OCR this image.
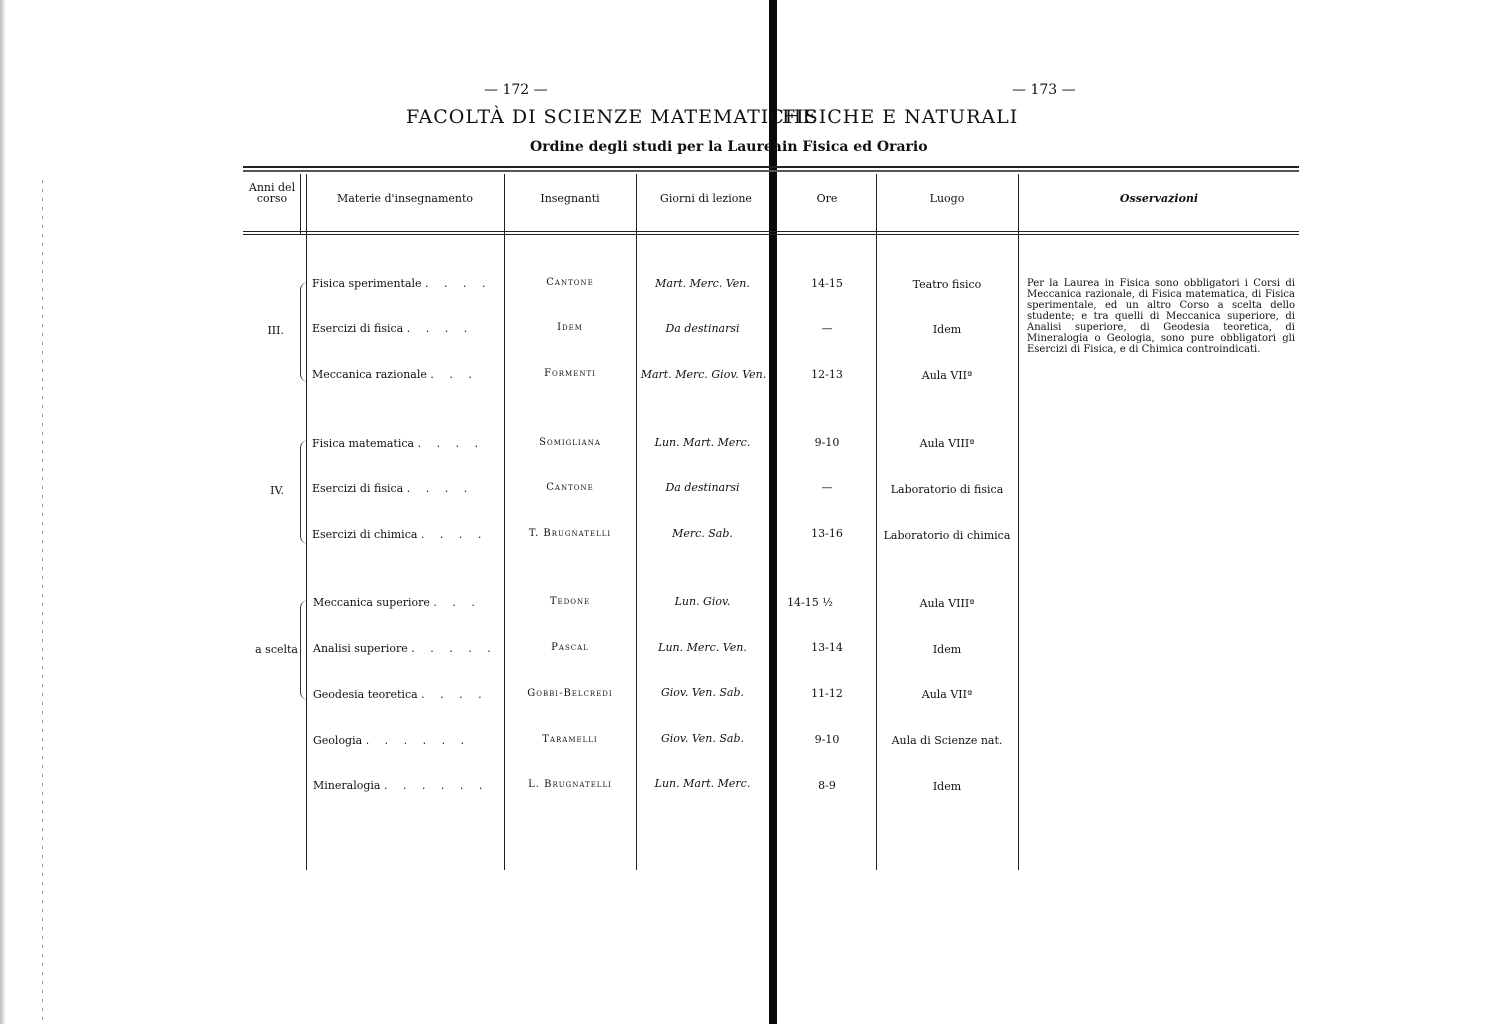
— 172 —	— 173 —
FACOLTÀ DI SCIENZE MATEMATICHE
FISICHE E NATURALI
Ordine degli studi per la Laurea in Fisica ed Orario
Anni del corso	Materie d'insegnamento	Insegnanti	Giorni di lezione	Ore	Luogo	Osservazioni
III.
Fisica sperimentale . . . .	Cantone	Mart. Merc. Ven.	14-15	Teatro fisico
Esercizi di fisica . . . .	Idem	Da destinarsi	—	Idem
Meccanica razionale . . .	Formenti	Mart. Merc. Giov. Ven.	12-13	Aula VIIª
IV.
Fisica matematica . . . .	Somigliana	Lun. Mart. Merc.	9-10	Aula VIIIª
Esercizi di fisica . . . .	Cantone	Da destinarsi	—	Laboratorio di fisica
Esercizi di chimica . . . .	T. Brugnatelli	Merc. Sab.	13-16	Laboratorio di chimica
a scelta
Meccanica superiore . . .	Tedone	Lun. Giov.	14-15 ½	Aula VIIIª
Analisi superiore . . . . .	Pascal	Lun. Merc. Ven.	13-14	Idem
Geodesia teoretica . . . .	Gobbi-Belcredi	Giov. Ven. Sab.	11-12	Aula VIIª
Geologia . . . . . .	Taramelli	Giov. Ven. Sab.	9-10	Aula di Scienze nat.
Mineralogia . . . . . .	L. Brugnatelli	Lun. Mart. Merc.	8-9	Idem
Per la Laurea in Fisica sono obbligatori i Corsi di Meccanica razionale, di Fisica matematica, di Fisica sperimentale, ed un altro Corso a scelta dello studente; e tra quelli di Meccanica superiore, di Analisi superiore, di Geodesia teoretica, di Mineralogia o Geologia, sono pure obbligatori gli Esercizi di Fisica, e di Chimica controindicati.
